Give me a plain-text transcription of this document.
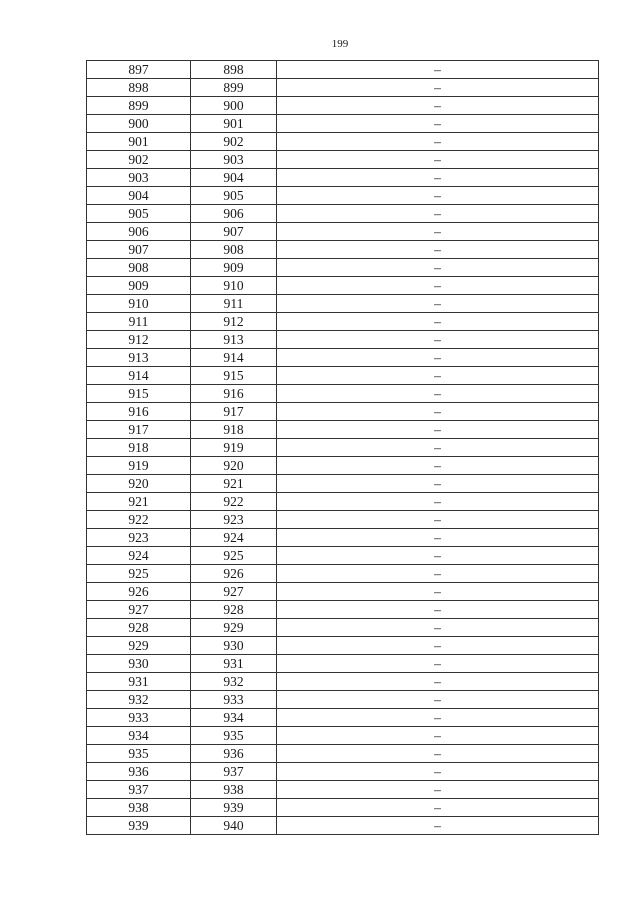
199
897	898	–
898	899	–
899	900	–
900	901	–
901	902	–
902	903	–
903	904	–
904	905	–
905	906	–
906	907	–
907	908	–
908	909	–
909	910	–
910	911	–
911	912	–
912	913	–
913	914	–
914	915	–
915	916	–
916	917	–
917	918	–
918	919	–
919	920	–
920	921	–
921	922	–
922	923	–
923	924	–
924	925	–
925	926	–
926	927	–
927	928	–
928	929	–
929	930	–
930	931	–
931	932	–
932	933	–
933	934	–
934	935	–
935	936	–
936	937	–
937	938	–
938	939	–
939	940	–
